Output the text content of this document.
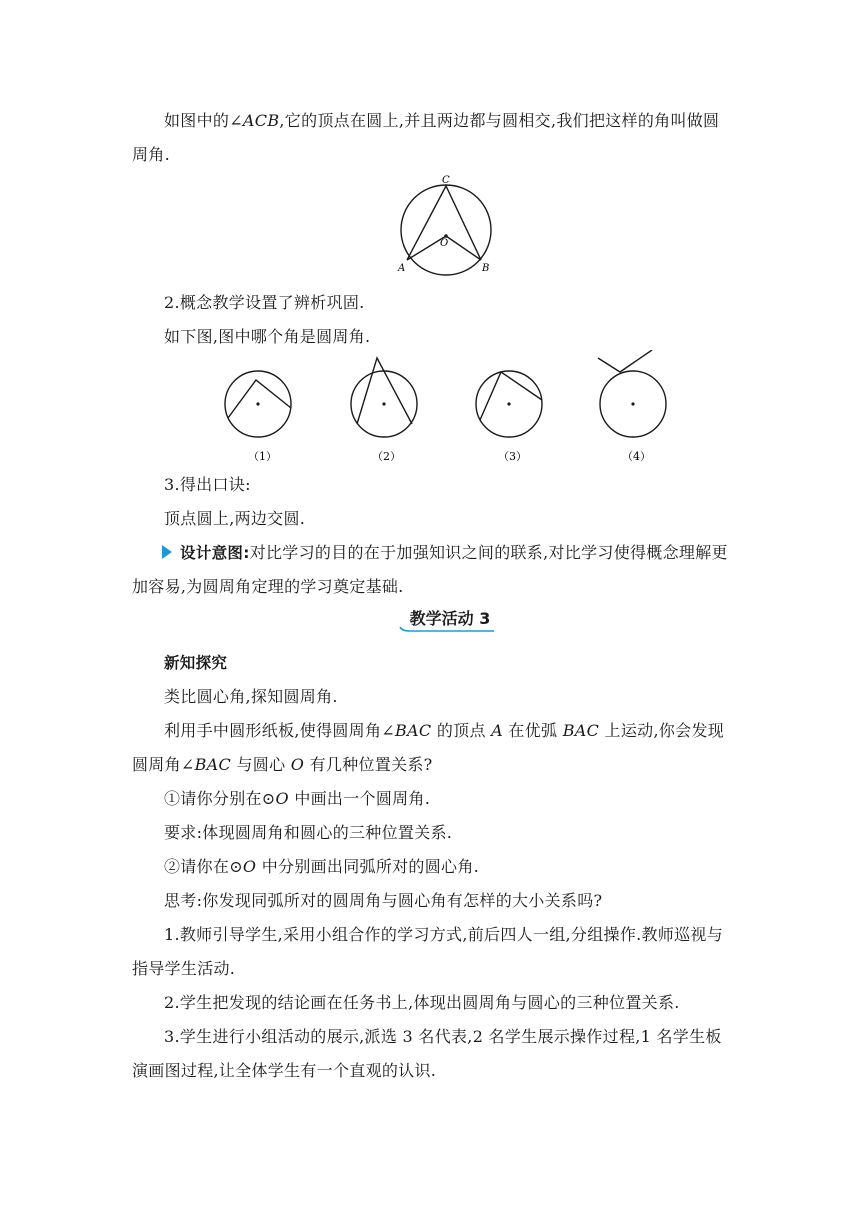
如图中的∠ACB,它的顶点在圆上,并且两边都与圆相交,我们把这样的角叫做圆周角.
C
O
A	B
2.概念教学设置了辨析巩固.
如下图,图中哪个角是圆周角.
（1）	（2）	（3）	（4）
3.得出口诀:
顶点圆上,两边交圆.
设计意图:对比学习的目的在于加强知识之间的联系,对比学习使得概念理解更加容易,为圆周角定理的学习奠定基础.
教学活动 3
新知探究
类比圆心角,探知圆周角.
利用手中圆形纸板,使得圆周角∠BAC 的顶点 A 在优弧 BAC 上运动,你会发现圆周角∠BAC 与圆心 O 有几种位置关系?
①请你分别在⊙O 中画出一个圆周角.
要求:体现圆周角和圆心的三种位置关系.
②请你在⊙O 中分别画出同弧所对的圆心角.
思考:你发现同弧所对的圆周角与圆心角有怎样的大小关系吗?
1.教师引导学生,采用小组合作的学习方式,前后四人一组,分组操作.教师巡视与指导学生活动.
2.学生把发现的结论画在任务书上,体现出圆周角与圆心的三种位置关系.
3.学生进行小组活动的展示,派选 3 名代表,2 名学生展示操作过程,1 名学生板演画图过程,让全体学生有一个直观的认识.
